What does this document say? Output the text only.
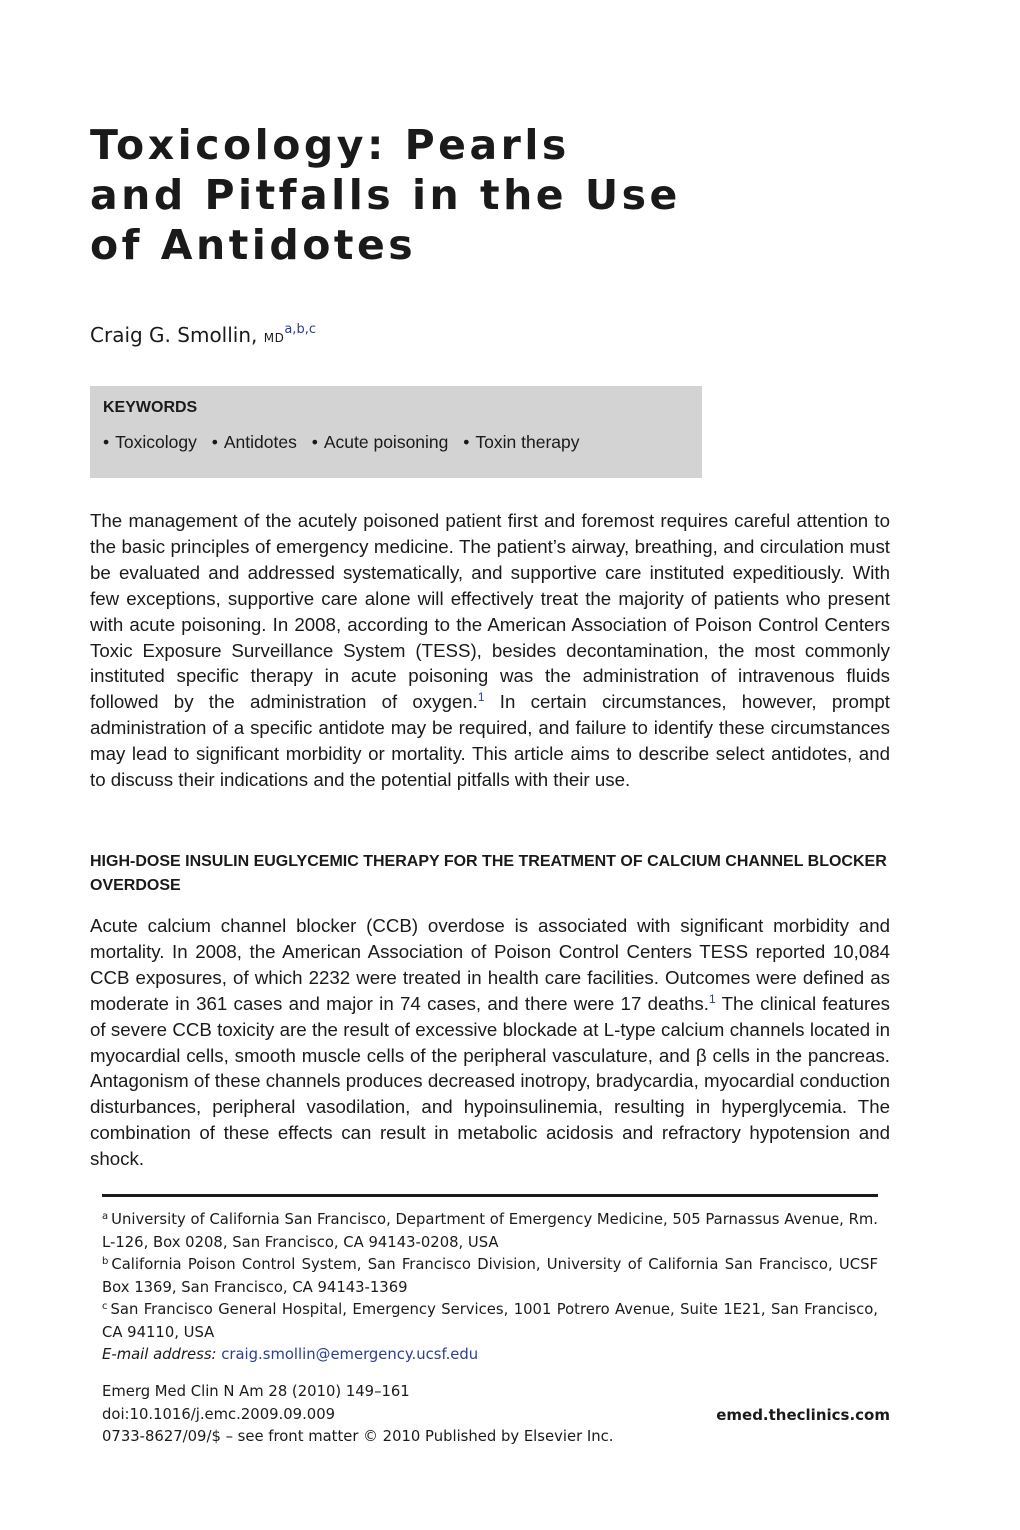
Toxicology: Pearls
and Pitfalls in the Use
of Antidotes
Craig G. Smollin, MD$^{a,b,c}$
KEYWORDS
• Toxicology • Antidotes • Acute poisoning • Toxin therapy

The management of the acutely poisoned patient first and foremost requires careful attention to the basic principles of emergency medicine. The patient’s airway, breathing, and circulation must be evaluated and addressed systematically, and supportive care instituted expeditiously. With few exceptions, supportive care alone will effectively treat the majority of patients who present with acute poisoning. In 2008, according to the American Association of Poison Control Centers Toxic Exposure Surveillance System (TESS), besides decontamination, the most commonly instituted specific therapy in acute poisoning was the administration of intravenous fluids followed by the administration of oxygen.$^1$ In certain circumstances, however, prompt administration of a specific antidote may be required, and failure to identify these circumstances may lead to significant morbidity or mortality. This article aims to describe select antidotes, and to discuss their indications and the potential pitfalls with their use.

HIGH-DOSE INSULIN EUGLYCEMIC THERAPY FOR THE TREATMENT OF CALCIUM CHANNEL BLOCKER OVERDOSE

Acute calcium channel blocker (CCB) overdose is associated with significant morbidity and mortality. In 2008, the American Association of Poison Control Centers TESS reported 10,084 CCB exposures, of which 2232 were treated in health care facilities. Outcomes were defined as moderate in 361 cases and major in 74 cases, and there were 17 deaths.$^1$ The clinical features of severe CCB toxicity are the result of excessive blockade at L-type calcium channels located in myocardial cells, smooth muscle cells of the peripheral vasculature, and β cells in the pancreas. Antagonism of these channels produces decreased inotropy, bradycardia, myocardial conduction disturbances, peripheral vasodilation, and hypoinsulinemia, resulting in hyperglycemia. The combination of these effects can result in metabolic acidosis and refractory hypotension and shock.

$^a$ University of California San Francisco, Department of Emergency Medicine, 505 Parnassus Avenue, Rm. L-126, Box 0208, San Francisco, CA 94143-0208, USA

$^b$ California Poison Control System, San Francisco Division, University of California San Francisco, UCSF Box 1369, San Francisco, CA 94143-1369

$^c$ San Francisco General Hospital, Emergency Services, 1001 Potrero Avenue, Suite 1E21, San Francisco, CA 94110, USA

E-mail address: craig.smollin@emergency.ucsf.edu

Emerg Med Clin N Am 28 (2010) 149–161
doi:10.1016/j.emc.2009.09.009
0733-8627/09/$ – see front matter © 2010 Published by Elsevier Inc.
emed.theclinics.com
